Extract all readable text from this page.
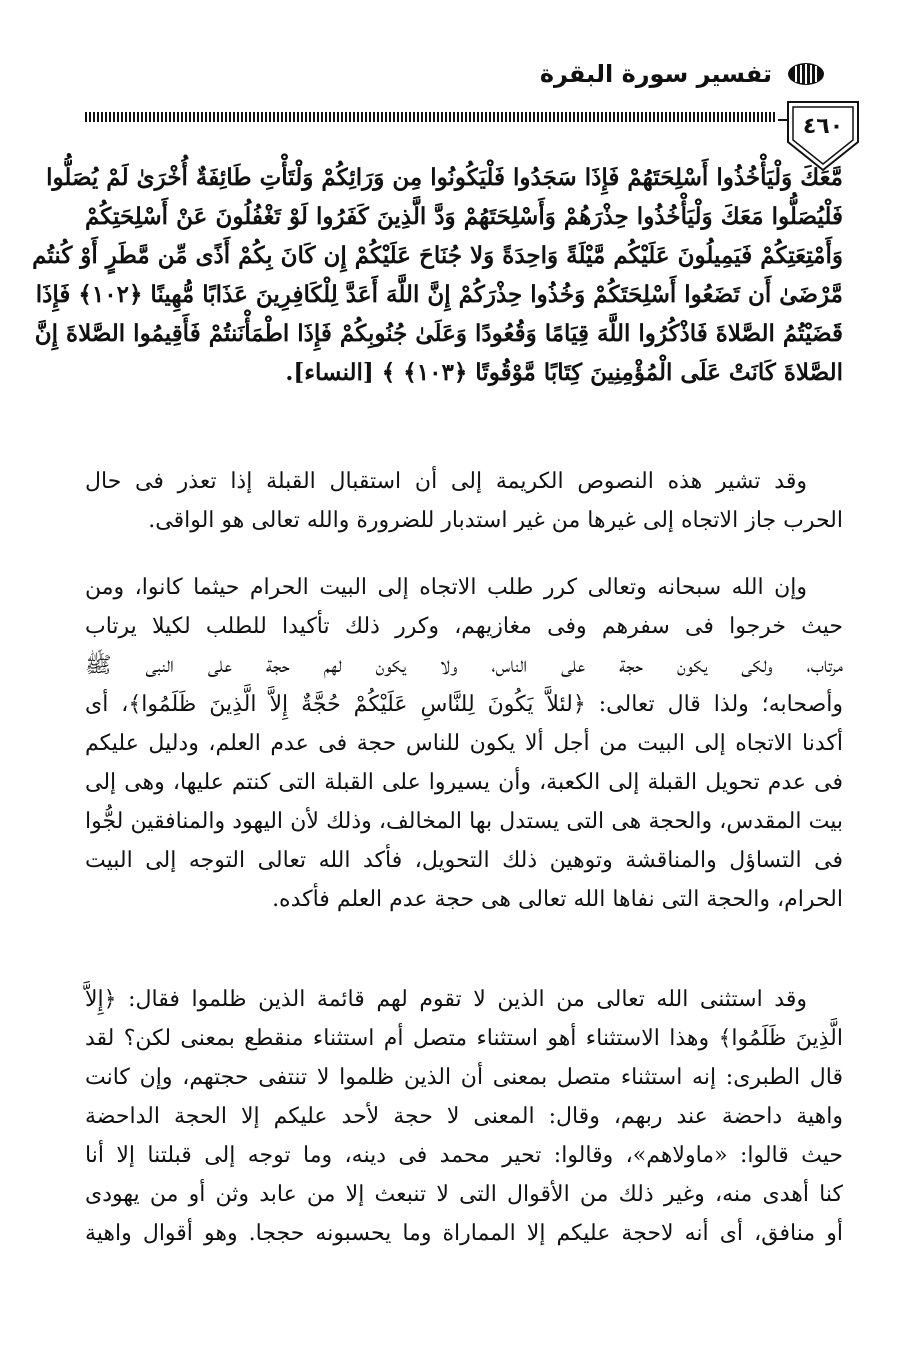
تفسير سورة البقرة
٤٦٠
مَّعَكَ وَلْيَأْخُذُوا أَسْلِحَتَهُمْ فَإِذَا سَجَدُوا فَلْيَكُونُوا مِن وَرَائِكُمْ وَلْتَأْتِ طَائِفَةٌ أُخْرَىٰ لَمْ يُصَلُّوا
فَلْيُصَلُّوا مَعَكَ وَلْيَأْخُذُوا حِذْرَهُمْ وَأَسْلِحَتَهُمْ وَدَّ الَّذِينَ كَفَرُوا لَوْ تَغْفُلُونَ عَنْ أَسْلِحَتِكُمْ
وَأَمْتِعَتِكُمْ فَيَمِيلُونَ عَلَيْكُم مَّيْلَةً وَاحِدَةً وَلا جُنَاحَ عَلَيْكُمْ إِن كَانَ بِكُمْ أَذًى مِّن مَّطَرٍ أَوْ كُنتُم
مَّرْضَىٰ أَن تَضَعُوا أَسْلِحَتَكُمْ وَخُذُوا حِذْرَكُمْ إِنَّ اللَّهَ أَعَدَّ لِلْكَافِرِينَ عَذَابًا مُّهِينًا ﴿١٠٢﴾ فَإِذَا
قَضَيْتُمُ الصَّلاةَ فَاذْكُرُوا اللَّهَ قِيَامًا وَقُعُودًا وَعَلَىٰ جُنُوبِكُمْ فَإِذَا اطْمَأْنَنتُمْ فَأَقِيمُوا الصَّلاةَ إِنَّ
الصَّلاةَ كَانَتْ عَلَى الْمُؤْمِنِينَ كِتَابًا مَّوْقُوتًا ﴿١٠٣﴾ ﴾ [النساء].
وقد تشير هذه النصوص الكريمة إلى أن استقبال القبلة إذا تعذر فى حال
الحرب جاز الاتجاه إلى غيرها من غير استدبار للضرورة والله تعالى هو الواقى.
وإن الله سبحانه وتعالى كرر طلب الاتجاه إلى البيت الحرام حيثما كانوا، ومن
حيث خرجوا فى سفرهم وفى مغازيهم، وكرر ذلك تأكيدا للطلب لكيلا يرتاب
مرتاب، ولكى يكون حجة على الناس، ولا يكون لهم حجة على النبى ﷺ
وأصحابه؛ ولذا قال تعالى: ﴿لئلاَّ يَكُونَ لِلنَّاسِ عَلَيْكُمْ حُجَّةٌ إِلاَّ الَّذِينَ ظَلَمُوا﴾، أى
أكدنا الاتجاه إلى البيت من أجل ألا يكون للناس حجة فى عدم العلم، ودليل عليكم
فى عدم تحويل القبلة إلى الكعبة، وأن يسيروا على القبلة التى كنتم عليها، وهى إلى
بيت المقدس، والحجة هى التى يستدل بها المخالف، وذلك لأن اليهود والمنافقين لجُّوا
فى التساؤل والمناقشة وتوهين ذلك التحويل، فأكد الله تعالى التوجه إلى البيت
الحرام، والحجة التى نفاها الله تعالى هى حجة عدم العلم فأكده.
وقد استثنى الله تعالى من الذين لا تقوم لهم قائمة الذين ظلموا فقال: ﴿إِلاَّ
الَّذِينَ ظَلَمُوا﴾ وهذا الاستثناء أهو استثناء متصل أم استثناء منقطع بمعنى لكن؟ لقد
قال الطبرى: إنه استثناء متصل بمعنى أن الذين ظلموا لا تنتفى حجتهم، وإن كانت
واهية داحضة عند ربهم، وقال: المعنى لا حجة لأحد عليكم إلا الحجة الداحضة
حيث قالوا: «ماولاهم»، وقالوا: تحير محمد فى دينه، وما توجه إلى قبلتنا إلا أنا
كنا أهدى منه، وغير ذلك من الأقوال التى لا تنبعث إلا من عابد وثن أو من يهودى
أو منافق، أى أنه لاحجة عليكم إلا المماراة وما يحسبونه حججا. وهو أقوال واهية
